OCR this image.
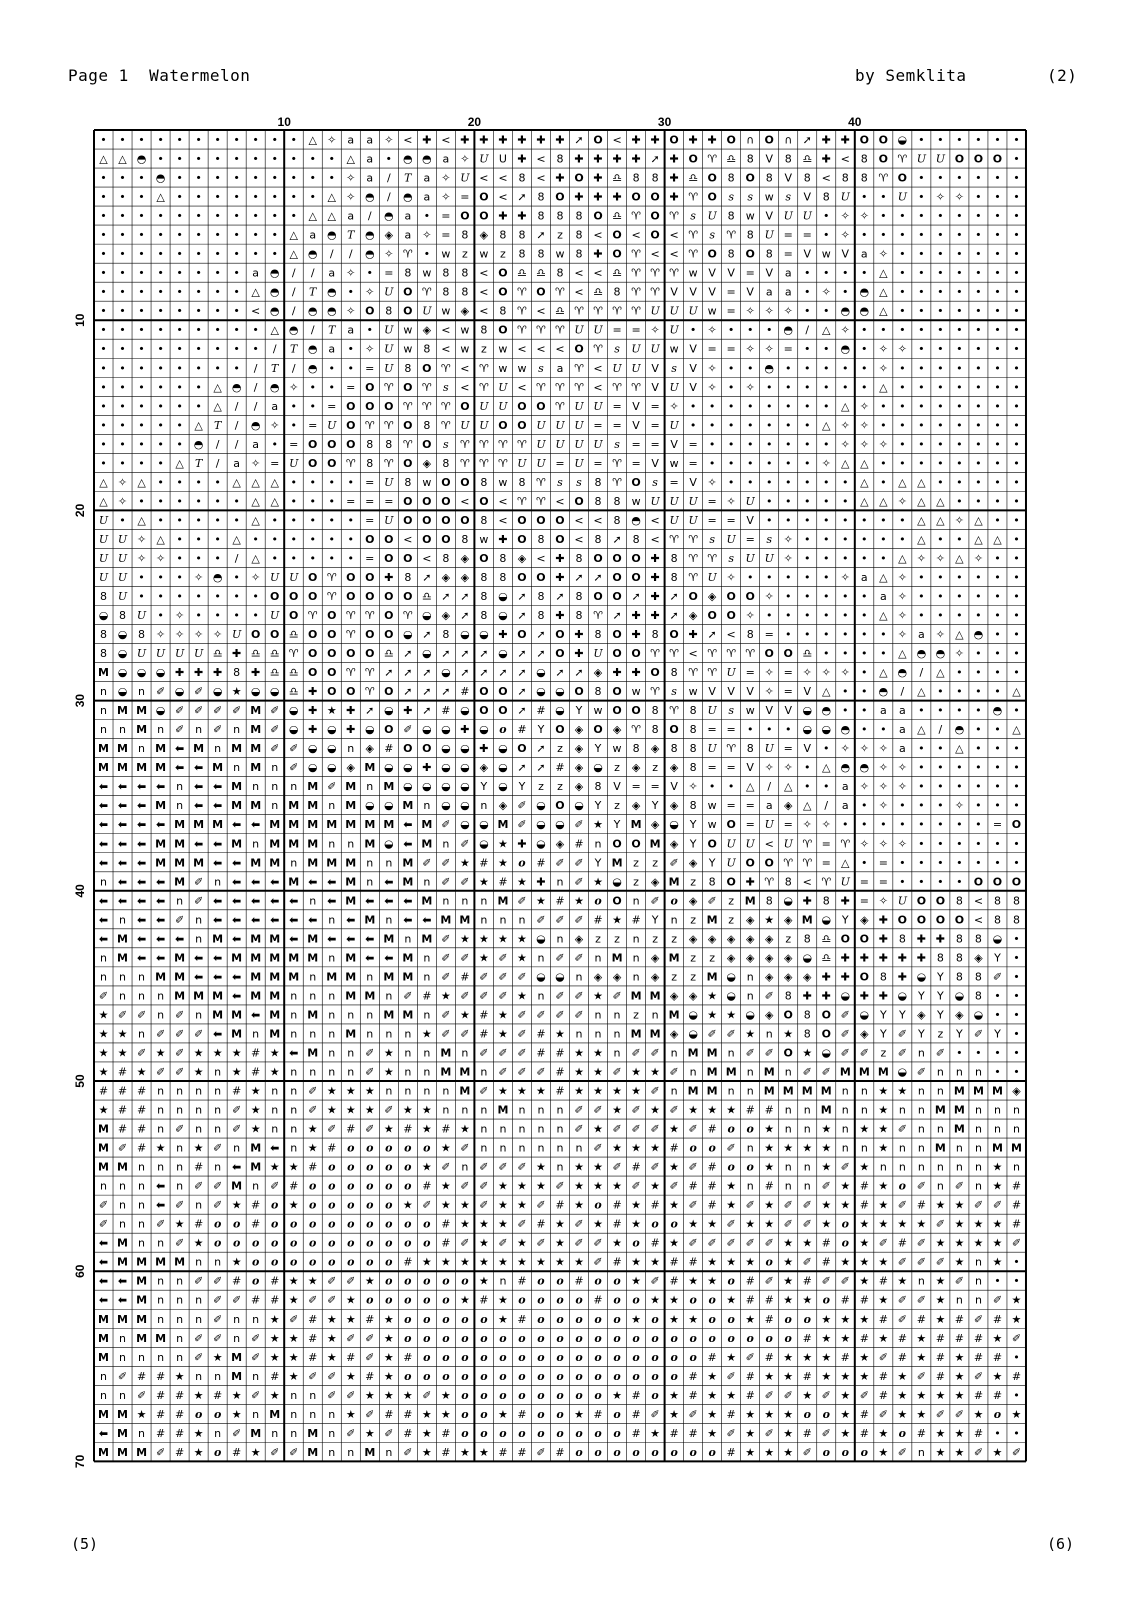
Page 1  Watermelon	by Semklita	(2)
• • • • • • • • • • • △ ✧ a a ✧ < ✚ < ✚ ✚ ✚ ✚ ✚ ✚ ➚ O < ✚ ✚ O ✚ ✚ O ∩ O ∩ ➚ ✚ ✚ O O ◒ • • • • • •
△ △ ◓ • • • • • • • • • • △ a • ◓ ◓ a ✧ U U ✚ < 8 ✚ ✚ ✚ ✚ ➚ ✚ O ♈ ♎ 8 V 8 ♎ ✚ < 8 O ♈ U U O O O •
• • • ◓ • • • • • • • • • ✧ a / T a ✧ U < < 8 < ✚ O ✚ ♎ 8 8 ✚ ♎ O 8 O 8 V 8 < 8 8 ♈ O • • • • • •
• • • △ • • • • • • • • △ ✧ ◓ / ◓ a ✧ = O < ➚ 8 O ✚ ✚ ✚ O O ✚ ♈ O s s w s V 8 U • • U • ✧ ✧ • • •
• • • • • • • • • • • △ △ a / ◓ a • = O O ✚ ✚ 8 8 8 O ♎ ♈ O ♈ s U 8 w V U U • ✧ ✧ • • • • • • • •
• • • • • • • • • • △ a ◓ T ◓ ◈ a ✧ = 8 ◈ 8 8 ➚ z 8 < O < O < ♈ s ♈ 8 U = = • ✧ • • • • • • • • •
• • • • • • • • • • △ ◓ / / ◓ ✧ ♈ • w z w z 8 8 w 8 ✚ O ♈ < < ♈ O 8 O 8 = V w V a ✧ • • • • • • •
• • • • • • • • a ◓ / / a ✧ • = 8 w 8 8 < O ♎ ♎ 8 < < ♎ ♈ ♈ ♈ w V V = V a • • • • △ • • • • • • •
• • • • • • • • △ ◓ / T ◓ • ✧ U O ♈ 8 8 < O ♈ O ♈ < ♎ 8 ♈ ♈ V V V = V a a • ✧ • ◓ △ • • • • • • •
• • • • • • • • < ◓ / ◓ ◓ ✧ O 8 O U w ◈ < 8 ♈ < ♎ ♈ ♈ ♈ ♈ U U U w = ✧ ✧ ✧ • • ◓ ◓ △ • • • • • • •
• • • • • • • • • △ ◓ / T a • U w ◈ < w 8 O ♈ ♈ ♈ U U = = ✧ U • ✧ • • • ◓ / △ ✧ • • • • • • • • •
• • • • • • • • • / T ◓ a • ✧ U w 8 < w z w < < < O ♈ s U U w V = = ✧ ✧ = • • ◓ • ✧ ✧ • • • • • •
• • • • • • • • / T / ◓ • • = U 8 O ♈ < ♈ w w s a ♈ < U U V s V ✧ • • ◓ • • • • • ✧ • • • • • • •
• • • • • • △ ◓ / ◓ ✧ • • = O ♈ O ♈ s < ♈ U < ♈ ♈ ♈ < ♈ ♈ V U V ✧ • ✧ • • • • • • △ • • • • • • •
• • • • • • △ / / a • • = O O O ♈ ♈ ♈ O U U O O ♈ U U = V = ✧ • • • • • • • • △ ✧ • • • • • • • •
• • • • • △ T / ◓ ✧ • = U O ♈ ♈ O 8 ♈ U U O O U U U = = V = U • • • • • • • △ ✧ ✧ • • • • • • • •
• • • • • ◓ / / a • = O O O 8 8 ♈ O s ♈ ♈ ♈ ♈ U U U U s = = V = • • • • • • • ✧ ✧ ✧ • • • • • • •
• • • • △ T / a ✧ = U O O ♈ 8 ♈ O ◈ 8 ♈ ♈ ♈ U U = U = ♈ = V w = • • • • • • ✧ △ △ • • • • • • • •
△ ✧ △ • • • • △ △ △ • • • • = U 8 w O O 8 w 8 ♈ s s 8 ♈ O s = V ✧ • • • • • • • △ • △ △ • • • • •
△ ✧ • • • • • • △ △ • • • = = = O O O < O < ♈ ♈ < O 8 8 w U U U = ✧ U • • • • • △ △ ✧ △ △ • • • •
U • △ • • • • • △ • • • • • = U O O O O 8 < O O O < < 8 ◓ < U U = = V • • • • • • • • △ △ ✧ △ • •
U U ✧ △ • • • △ • • • • • • O O < O O 8 w ✚ O 8 O < 8 ➚ 8 < ♈ ♈ s U = s ✧ • • • • • • △ • • △ △ •
U U ✧ ✧ • • • / △ • • • • • = O O < 8 ◈ O 8 ◈ < ✚ 8 O O O ✚ 8 ♈ ♈ s U U ✧ • • • • • △ ✧ ✧ △ ✧ • •
U U • • • ✧ ◓ • ✧ U U O ♈ O O ✚ 8 ➚ ◈ ◈ 8 8 O O ✚ ➚ ➚ O O ✚ 8 ♈ U ✧ • • • • • ✧ a △ ✧ • • • • • •
8 U • • • • • • • O O O ♈ O O O O ♎ ➚ ➚ 8 ◒ ➚ 8 ➚ 8 O O ➚ ✚ ➚ O ◈ O O ✧ • • • • • a ✧ • • • • • •
◒ 8 U • ✧ • • • • U O ♈ O ♈ ♈ O ♈ ◒ ◈ ➚ 8 ◒ ➚ 8 ✚ 8 ♈ ➚ ✚ ✚ ➚ ◈ O O ✧ • • • • • • △ ✧ • • • • • •
8 ◒ 8 ✧ ✧ ✧ ✧ U O O ♎ O O ♈ O O ◒ ➚ 8 ◒ ◒ ✚ O ➚ O ✚ 8 O ✚ 8 O ✚ ➚ < 8 = • • • • • • ✧ a ✧ △ ◓ • •
8 ◒ U U U U ♎ ✚ ♎ ♎ ♈ O O O O ♎ ➚ ◒ ➚ ➚ ➚ ◒ ➚ ➚ O ✚ U O O ♈ ♈ < ♈ ♈ ♈ O O ♎ • • • • △ ◓ ◓ ✧ • • •
M ◒ ◒ ◒ ✚ ✚ ✚ 8 ✚ ♎ ♎ O O ♈ ♈ ➚ ➚ ➚ ◒ ➚ ➚ ➚ ➚ ◒ ➚ ➚ ◈ ✚ ✚ O 8 ♈ ♈ U = ✧ = ✧ ✧ ✧ • △ ◓ / △ • • • •
n ◒ n ✐ ◒ ✐ ◒ ★ ◒ ◒ ♎ ✚ O O ♈ O ➚ ➚ ➚ # O O ➚ ◒ ◒ O 8 O w ♈ s w V V V ✧ = V △ • • ◓ / △ • • • • △
n M M ◒ ✐ ✐ ✐ ✐ M ✐ ◒ ✚ ★ ✚ ➚ ◒ ✚ ➚ # ◒ O O ➚ # ◒ Y w O O 8 ♈ 8 U s w V V ◒ ◓ • • a a • • • • ◓ •
n n M n ✐ n ✐ n M ✐ ◒ ✚ ◒ ✚ ◒ O ✐ ◒ ◒ ✚ ◒ o # Y O ◈ O ◈ ♈ 8 O 8 = = • • • ◒ ◒ ◓ • • a △ / ◓ • • △
M M n M ⬅ M n M M ✐ ✐ ◒ ◒ n ◈ # O O ◒ ◒ ✚ ◒ O ➚ z ◈ Y w 8 ◈ 8 8 U ♈ 8 U = V • ✧ ✧ ✧ a • • △ • • •
M M M M ⬅ ⬅ M n M n ✐ ◒ ◒ ◈ M ◒ ◒ ✚ ◒ ◒ ◈ ◒ ➚ ➚ # ◈ ◒ z ◈ z ◈ 8 = = V ✧ ✧ • △ ◓ ◓ ✧ ✧ • • • • • •
⬅ ⬅ ⬅ ⬅ n ⬅ ⬅ M n n n M ✐ M n M ◒ ◒ ◒ ◒ Y ◒ Y z z ◈ 8 V = = V ✧ • • △ / △ • • a ✧ ✧ ✧ • • • • • •
⬅ ⬅ ⬅ M n ⬅ ⬅ M M n M M n M ◒ ◒ M n ◒ ◒ n ◈ ✐ ◒ O ◒ Y z ◈ Y ◈ 8 w = = a ◈ △ / a • ✧ • • • ✧ • • •
⬅ ⬅ ⬅ ⬅ M M M ⬅ ⬅ M M M M M M M ⬅ M ✐ ◒ ◒ M ✐ ◒ ◒ ✐ ★ Y M ◈ ◒ Y w O = U = ✧ ✧ • • • • • • • • = O
⬅ ⬅ ⬅ M M ⬅ ⬅ M n M M M n n M ◒ ⬅ M n ✐ ◒ ★ ✚ ◒ ◈ # n O O M ◈ Y O U U < U ♈ = ♈ ✧ ✧ ✧ • • • • • •
⬅ ⬅ ⬅ M M M ⬅ ⬅ M M n M M M n n M ✐ ✐ ★ # ★ o # ✐ ✐ Y M z z ✐ ◈ Y U O O ♈ ♈ = △ • = • • • • • • •
n ⬅ ⬅ ⬅ M ✐ n ⬅ ⬅ ⬅ M ⬅ ⬅ M n ⬅ M n ✐ ✐ ★ # ★ ✚ n ✐ ★ ◒ z ◈ M z 8 O ✚ ♈ 8 < ♈ U = = • • • • O O O
⬅ ⬅ ⬅ ⬅ n ✐ ⬅ ⬅ ⬅ ⬅ ⬅ n ⬅ M ⬅ ⬅ ⬅ M n n n M ✐ ★ # ★ o O n ✐ o ◈ ✐ z M 8 ◒ ✚ 8 ✚ = ✧ U O O 8 < 8 8
⬅ n ⬅ ⬅ ✐ n ⬅ ⬅ ⬅ ⬅ ⬅ ⬅ n ⬅ M n ⬅ ⬅ M M n n n ✐ ✐ ✐ # ★ # Y n z M z ◈ ★ ◈ M ◒ Y ◈ ✚ O O O O < 8 8
⬅ M ⬅ ⬅ ⬅ n M ⬅ M M ⬅ M ⬅ ⬅ ⬅ M n M ✐ ★ ★ ★ ★ ◒ n ◈ z z n z z ◈ ◈ ◈ ◈ ◈ z 8 ♎ O O ✚ 8 ✚ ✚ 8 8 ◒ •
n M ⬅ ⬅ M ⬅ ⬅ M M M M M n M ⬅ ⬅ M n ✐ ✐ ★ ✐ ★ n ✐ ✐ n M n ◈ M z z ◈ ◈ ◈ ◈ ◒ ♎ ✚ ✚ ✚ ✚ ✚ 8 8 ◈ Y •
n n n M M ⬅ ⬅ ⬅ M M M n M M n M M n ✐ # ✐ ✐ ✐ ◒ ◒ n ◈ ◈ n ◈ z z M ◒ n ◈ ◈ ◈ ✚ ✚ O 8 ✚ ◒ Y 8 8 ✐ •
✐ n n n M M M ⬅ M M n n n M M n ✐ # ★ ✐ ✐ ✐ ★ n ✐ ✐ ★ ✐ M M ◈ ◈ ★ ◒ n ✐ 8 ✚ ✚ ◒ ✚ ✚ ◒ Y Y ◒ 8 • •
★ ✐ ✐ n ✐ n M M ⬅ M n M n n n M M n ✐ ★ # ★ ✐ ✐ ✐ ✐ n n z n M ◒ ★ ★ ◒ ◈ O 8 O ✐ ◒ Y Y ◈ Y ◈ ◒ • •
★ ★ n ✐ ✐ ✐ ⬅ M n M n n n M n n n ★ ✐ ✐ # ★ ✐ # ★ n n n M M ◈ ◒ ✐ ✐ ★ n ★ 8 O ✐ ◈ Y ✐ Y z Y ✐ Y •
★ ★ ✐ ★ ✐ ★ ★ ★ # ★ ⬅ M n n ✐ ★ n n M n ✐ ✐ ✐ # # ★ ★ n ✐ ✐ n M M n ✐ ✐ O ★ ◒ ✐ ✐ z ✐ n ✐ • • • •
★ # ★ ✐ ✐ ★ n ★ # ★ n n n n ✐ ★ n n M M n ✐ ✐ ✐ # ★ ★ ✐ ★ ★ ✐ n M M n M n ✐ ✐ M M M ◒ ✐ n n n • •
# # # n n n n # ★ n n ✐ ★ ★ ★ n n n n M ✐ ★ ★ ★ # ★ ★ ★ ★ ✐ n M M n n M M M M n n ★ ★ n n M M M ◈
★ # # n n n n ✐ ★ n n ✐ ★ ★ ★ ✐ ★ ★ n n n M n n n ✐ ✐ ★ ✐ ★ ✐ ★ ★ ★ # # n n M n n ★ n n M M n n n
M # # n ✐ n n ✐ ★ n n ★ ✐ # ✐ ★ # ★ # ★ n n n n n ✐ ★ ✐ ✐ ✐ ★ ✐ # o o ★ n n ★ n ★ ★ ✐ n n M n n n
M ✐ # ★ n ★ ✐ n M ⬅ n ★ # o o o o o ★ ✐ n n n n n n ✐ ★ ★ ★ # o o ✐ n ★ ★ ★ ★ n n ★ n n M n n M M
M M n n n # n ⬅ M ★ ★ # o o o o o ★ ✐ n ✐ ✐ ✐ ★ n ★ ★ ✐ # ✐ ★ ✐ # o o ★ n n ★ ✐ ★ n n n n n n ★ n
n n n ⬅ n ✐ ✐ M n ✐ # o o o o o o # ★ ✐ ✐ ★ ★ ★ ✐ ★ ★ ★ ✐ ★ ✐ # # ★ n # n n ✐ ★ # ★ o ✐ n ✐ n ★ #
✐ n n ⬅ ✐ n ✐ ★ # o ★ o o o o o ★ ✐ ★ ★ ✐ ★ ★ ✐ # ★ o # ★ # ★ ✐ # ★ ✐ ★ ✐ ✐ ★ ★ # ★ ✐ # ★ ★ ✐ ✐ #
✐ n n ✐ ★ # o o # o o o o o o o o o # ★ ★ ★ ✐ # ★ ✐ ★ # ★ o o ★ ★ ✐ ★ ★ ✐ ✐ ★ o ★ ★ ★ ★ ✐ ★ ★ ★ #
⬅ M n n ✐ ★ o o o o o o o o o o o o # ✐ ★ ✐ ★ ✐ ★ ✐ ✐ ★ o # ★ ✐ ✐ ✐ ✐ ✐ ★ ★ # o ★ ✐ # ✐ ★ ★ ★ ★ ✐
⬅ M M M M n n ★ o o o o o o o o # ★ ★ ★ ★ ★ ★ ★ ★ ★ ✐ # ★ ★ # # ★ ★ ★ o ★ ✐ # ★ ★ ★ ✐ ✐ ✐ ★ n ★ •
⬅ ⬅ M n n ✐ ✐ # o # ★ ★ ✐ ✐ ★ o o o o o ★ n # o o # o o ★ ✐ # ★ ★ o # ✐ ★ # ✐ ✐ ★ # ★ n ★ ✐ n • •
⬅ ⬅ M n n n ✐ ✐ # # ★ ✐ ✐ ★ o o o o o ★ # ★ o o o o # o o ★ ★ o o ★ # # ★ ★ o # # ★ ✐ ✐ ★ n n ✐ ★
M M M n n n ✐ n n ★ ✐ # ★ ★ # ★ o o o o o ★ # o o o o o ★ o ★ ★ o o ★ # o o ★ ★ ★ # ✐ # ★ # ✐ # ★
M n M M n ✐ ✐ n ✐ ★ ★ # ★ ✐ ✐ ★ o o o o o o o o o o o o o o o o o o o o o # ★ ★ # ★ # ★ # # # ★ ✐
M n n n n ✐ ★ M ✐ ★ ★ # ★ # ✐ ★ # o o o o o o o o o o o o o o o # ★ ✐ # ★ ★ ★ # ★ ✐ # ★ # ★ # # •
n ✐ # # ★ n n M n # ★ ✐ ✐ ★ # ★ o o o o o o o o o o o o o o o # ★ ✐ # ★ ★ # ★ ★ ★ # ★ ✐ # ★ ✐ ★ #
n n ✐ # # ★ # ★ ✐ ★ n n ✐ ✐ ★ ★ ★ ✐ ★ o o o o o o o o ★ # o ★ # ★ ★ # ✐ ✐ ★ ✐ ★ ✐ # ★ ★ ★ ★ # # •
M M ★ # # o o ★ n M n n n ★ ✐ # # ★ ★ o o ★ # o o ★ # o # ✐ ★ ✐ ★ # ★ ★ ★ o o ★ # ✐ ★ ★ ✐ ✐ ★ o ★
⬅ M n # # ★ n ✐ M n n M n ✐ ★ ✐ # ★ # o o o o o o o o o # ★ # # ★ ✐ ★ ✐ ★ # ✐ ★ # ★ o # ★ ★ # • •
M M M ✐ # ★ o # ★ ✐ ✐ M n n M n ✐ ★ # ★ ★ # # ✐ # o o o o o o o o # ★ ★ ★ ✐ o o o ★ ✐ n ★ ★ ✐ ★ ✐
10	20	30	40
10
20
30
40
50
60
70
(5)	(6)
